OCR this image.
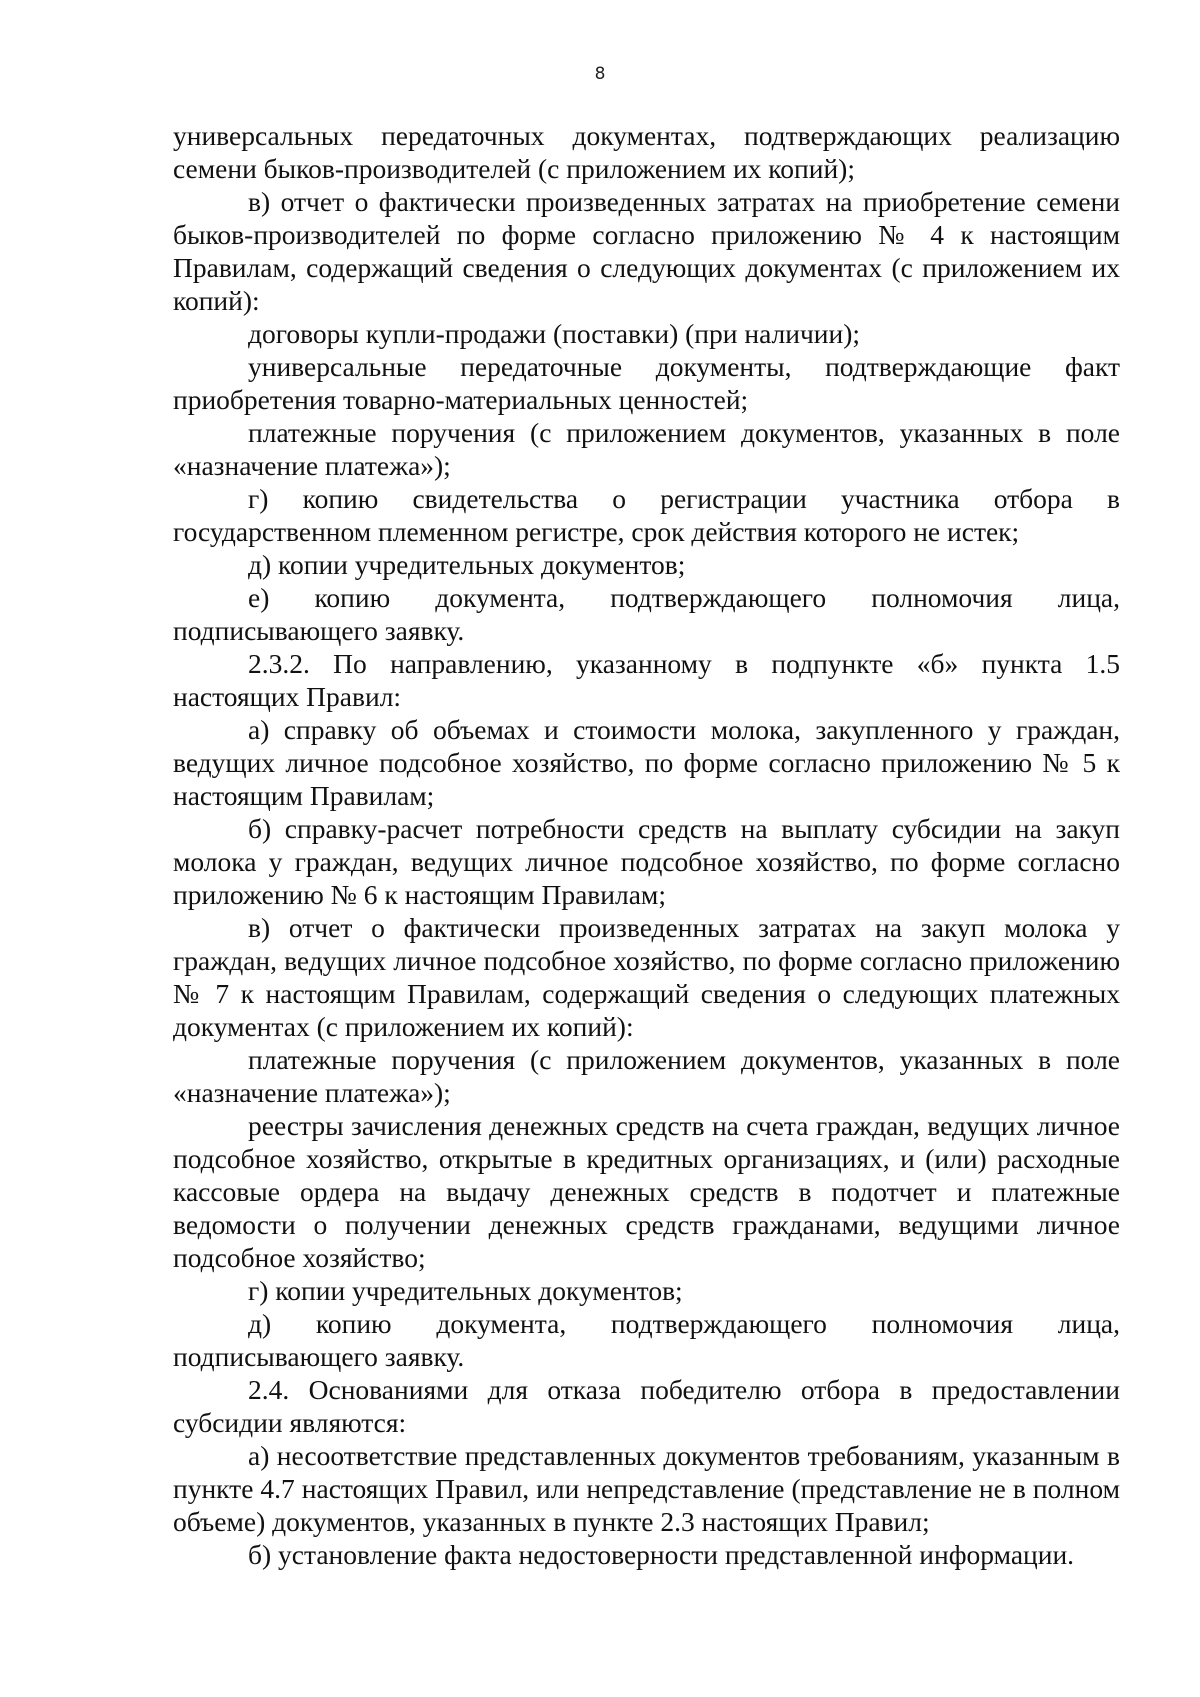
8

универсальных передаточных документах, подтверждающих реализацию семени быков-производителей (с приложением их копий);

в) отчет о фактически произведенных затратах на приобретение семени быков-производителей по форме согласно приложению № 4 к настоящим Правилам, содержащий сведения о следующих документах (с приложением их копий):

договоры купли-продажи (поставки) (при наличии);

универсальные передаточные документы, подтверждающие факт приобретения товарно-материальных ценностей;

платежные поручения (с приложением документов, указанных в поле «назначение платежа»);

г) копию свидетельства о регистрации участника отбора в государственном племенном регистре, срок действия которого не истек;

д) копии учредительных документов;

е) копию документа, подтверждающего полномочия лица, подписывающего заявку.

2.3.2. По направлению, указанному в подпункте «б» пункта 1.5 настоящих Правил:

а) справку об объемах и стоимости молока, закупленного у граждан, ведущих личное подсобное хозяйство, по форме согласно приложению № 5 к настоящим Правилам;

б) справку-расчет потребности средств на выплату субсидии на закуп молока у граждан, ведущих личное подсобное хозяйство, по форме согласно приложению № 6 к настоящим Правилам;

в) отчет о фактически произведенных затратах на закуп молока у граждан, ведущих личное подсобное хозяйство, по форме согласно приложению № 7 к настоящим Правилам, содержащий сведения о следующих платежных документах (с приложением их копий):

платежные поручения (с приложением документов, указанных в поле «назначение платежа»);

реестры зачисления денежных средств на счета граждан, ведущих личное подсобное хозяйство, открытые в кредитных организациях, и (или) расходные кассовые ордера на выдачу денежных средств в подотчет и платежные ведомости о получении денежных средств гражданами, ведущими личное подсобное хозяйство;

г) копии учредительных документов;

д) копию документа, подтверждающего полномочия лица, подписывающего заявку.

2.4. Основаниями для отказа победителю отбора в предоставлении субсидии являются:

а) несоответствие представленных документов требованиям, указанным в пункте 4.7 настоящих Правил, или непредставление (представление не в полном объеме) документов, указанных в пункте 2.3 настоящих Правил;

б) установление факта недостоверности представленной информации.
